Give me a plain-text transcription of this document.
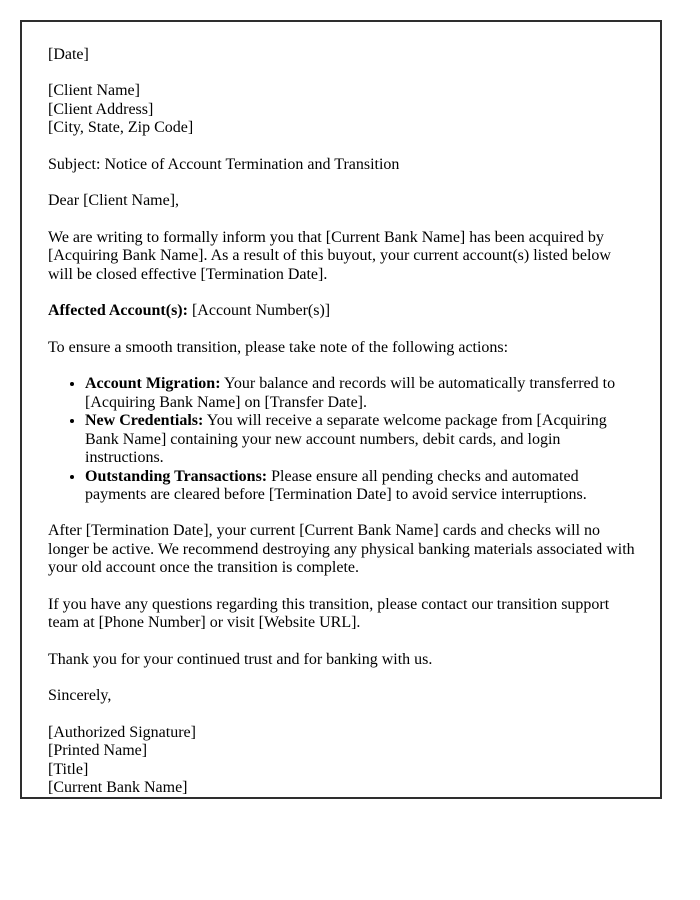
[Date]

[Client Name]
[Client Address]
[City, State, Zip Code]

Subject: Notice of Account Termination and Transition

Dear [Client Name],

We are writing to formally inform you that [Current Bank Name] has been acquired by [Acquiring Bank Name]. As a result of this buyout, your current account(s) listed below will be closed effective [Termination Date].

Affected Account(s): [Account Number(s)]

To ensure a smooth transition, please take note of the following actions:

• Account Migration: Your balance and records will be automatically transferred to [Acquiring Bank Name] on [Transfer Date].
• New Credentials: You will receive a separate welcome package from [Acquiring Bank Name] containing your new account numbers, debit cards, and login instructions.
• Outstanding Transactions: Please ensure all pending checks and automated payments are cleared before [Termination Date] to avoid service interruptions.

After [Termination Date], your current [Current Bank Name] cards and checks will no longer be active. We recommend destroying any physical banking materials associated with your old account once the transition is complete.

If you have any questions regarding this transition, please contact our transition support team at [Phone Number] or visit [Website URL].

Thank you for your continued trust and for banking with us.

Sincerely,

[Authorized Signature]
[Printed Name]
[Title]
[Current Bank Name]
